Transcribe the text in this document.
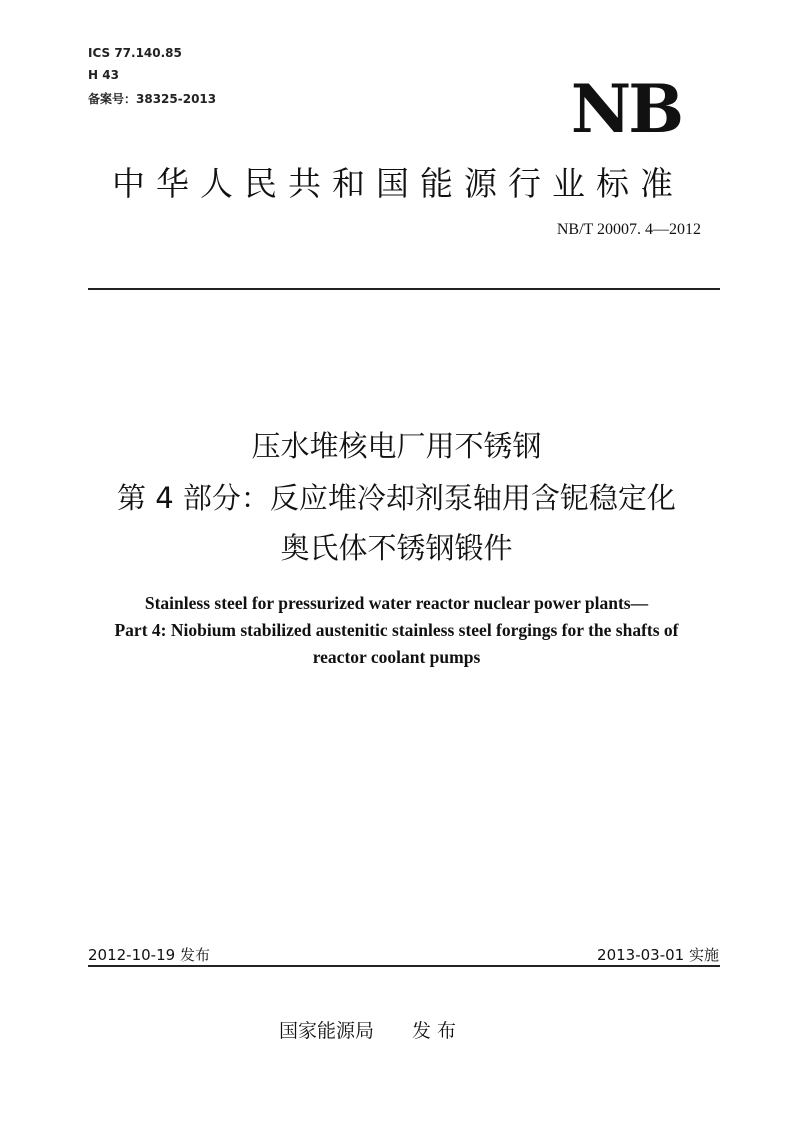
ICS 77.140.85
H 43
备案号：38325-2013	NB
中华人民共和国能源行业标准
NB/T 20007. 4—2012
压水堆核电厂用不锈钢
第 4 部分：反应堆冷却剂泵轴用含铌稳定化
奥氏体不锈钢锻件
Stainless steel for pressurized water reactor nuclear power plants—
Part 4: Niobium stabilized austenitic stainless steel forgings for the shafts of
reactor coolant pumps
2012-10-19 发布	2013-03-01 实施
国家能源局 发 布
